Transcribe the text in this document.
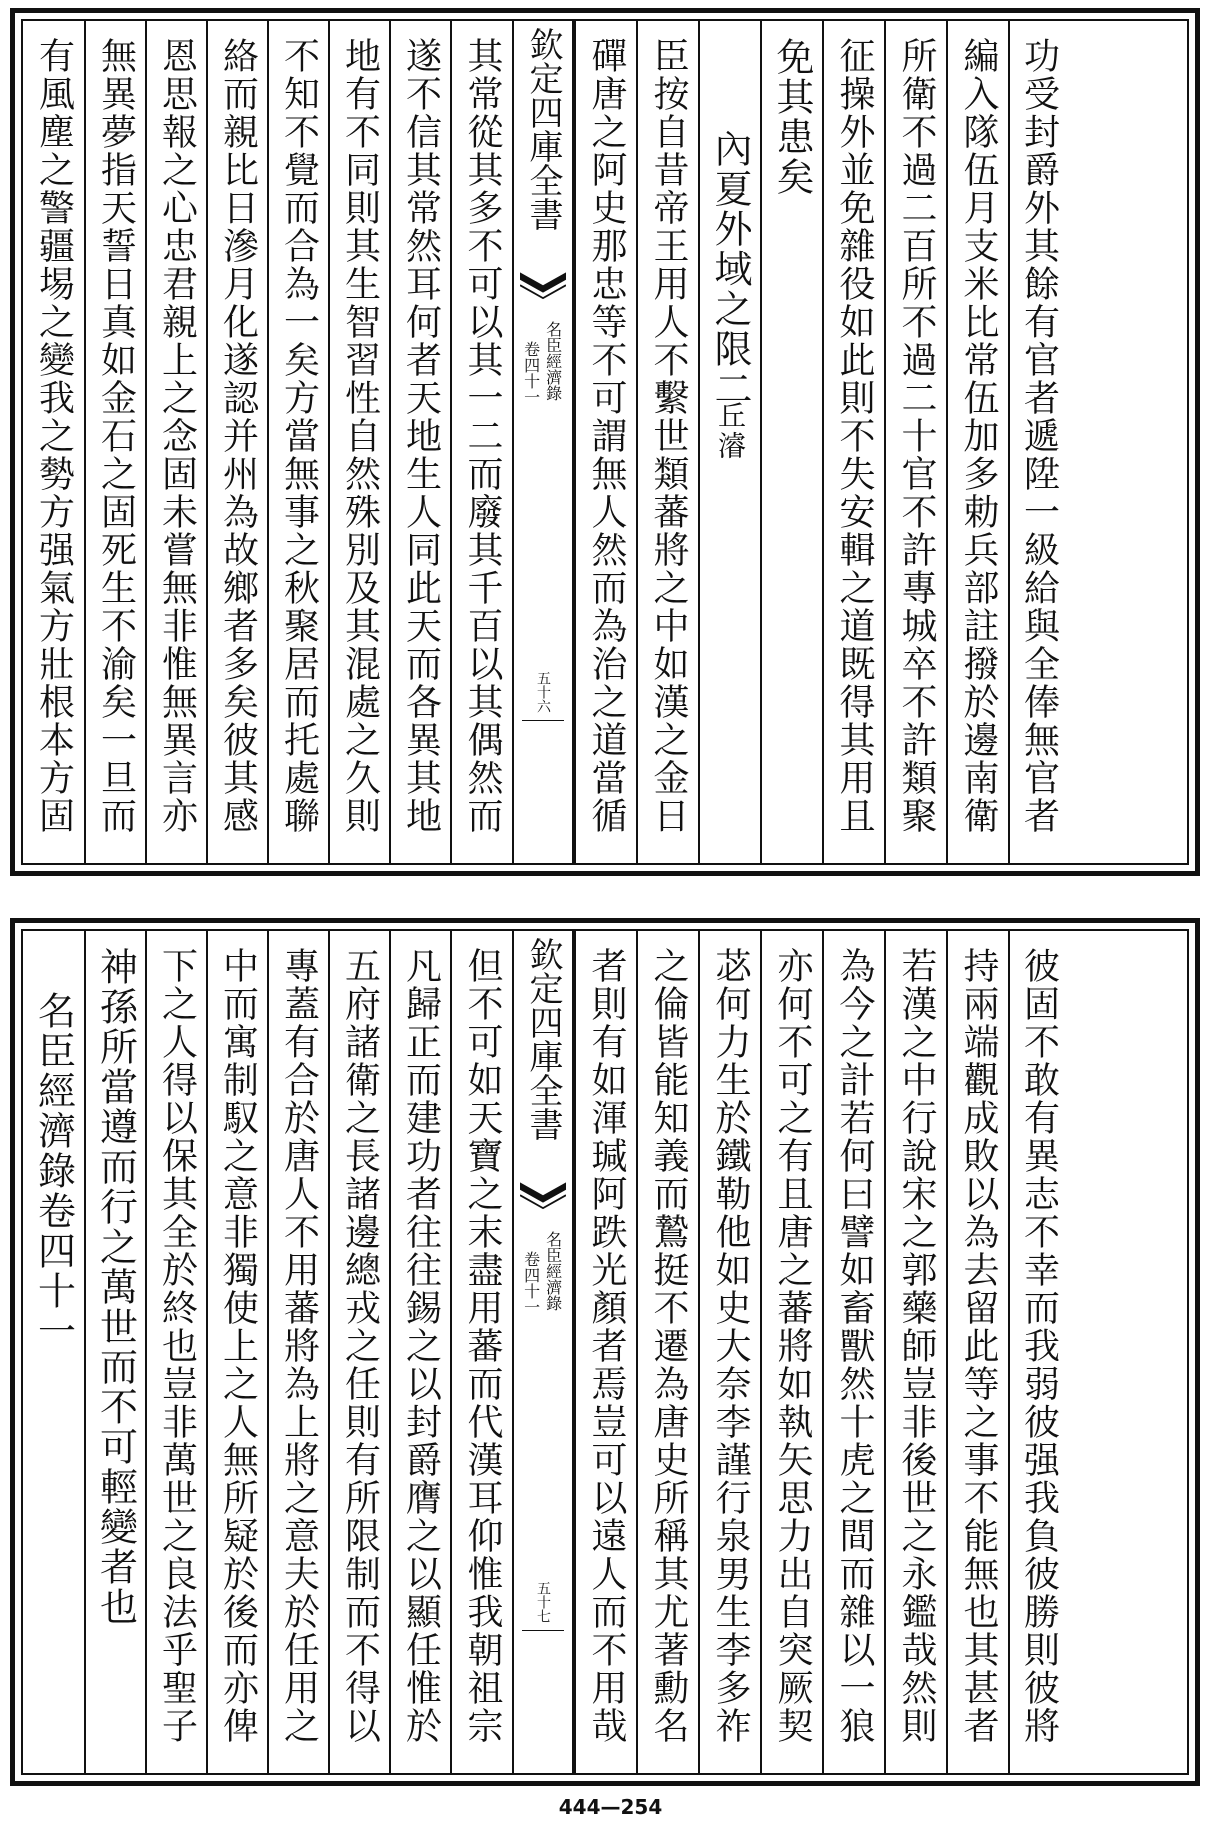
有風塵之警疆埸之變我之勢方强氣方壯根本方固 無異夢指天誓日真如金石之固死生不渝矣一旦而 恩思報之心忠君親上之念固未嘗無非惟無異言亦 絡而親比日滲月化遂認并州為故鄉者多矣彼其感 不知不覺而合為一矣方當無事之秋聚居而托處聯 地有不同則其生智習性自然殊別及其混處之久則 遂不信其常然耳何者天地生人同此天而各異其地 其常從其多不可以其一二而廢其千百以其偶然而 欽定四庫全書
名臣經濟錄
卷四十一
五十六 磾唐之阿史那忠等不可謂無人然而為治之道當循 臣按自昔帝王用人不繫世類蕃將之中如漢之金日 內夏外域之限二
丘濬
免其患矣 征操外並免雜役如此則不失安輯之道既得其用且 所衛不過二百所不過二十官不許專城卒不許類聚 編入隊伍月支米比常伍加多勅兵部註撥於邊南衛 功受封爵外其餘有官者遞陞一級給與全俸無官者
名臣經濟錄卷四十一 神孫所當遵而行之萬世而不可輕變者也 下之人得以保其全於終也豈非萬世之良法乎聖子 中而寓制馭之意非獨使上之人無所疑於後而亦俾 專蓋有合於唐人不用蕃將為上將之意夫於任用之 五府諸衛之長諸邊總戎之任則有所限制而不得以 凡歸正而建功者往往錫之以封爵膺之以顯任惟於 但不可如天寶之末盡用蕃而代漢耳仰惟我朝祖宗 欽定四庫全書
名臣經濟錄
卷四十一
五十七 者則有如渾瑊阿跌光顏者焉豈可以遠人而不用哉 之倫皆能知義而鷙挺不遷為唐史所稱其尤著勳名 苾何力生於鐵勒他如史大奈李謹行泉男生李多祚 亦何不可之有且唐之蕃將如執矢思力出自突厥契 為今之計若何曰譬如畜獸然十虎之間而雜以一狼 若漢之中行說宋之郭藥師豈非後世之永鑑哉然則 持兩端觀成敗以為去留此等之事不能無也其甚者 彼固不敢有異志不幸而我弱彼强我負彼勝則彼將
444—254
